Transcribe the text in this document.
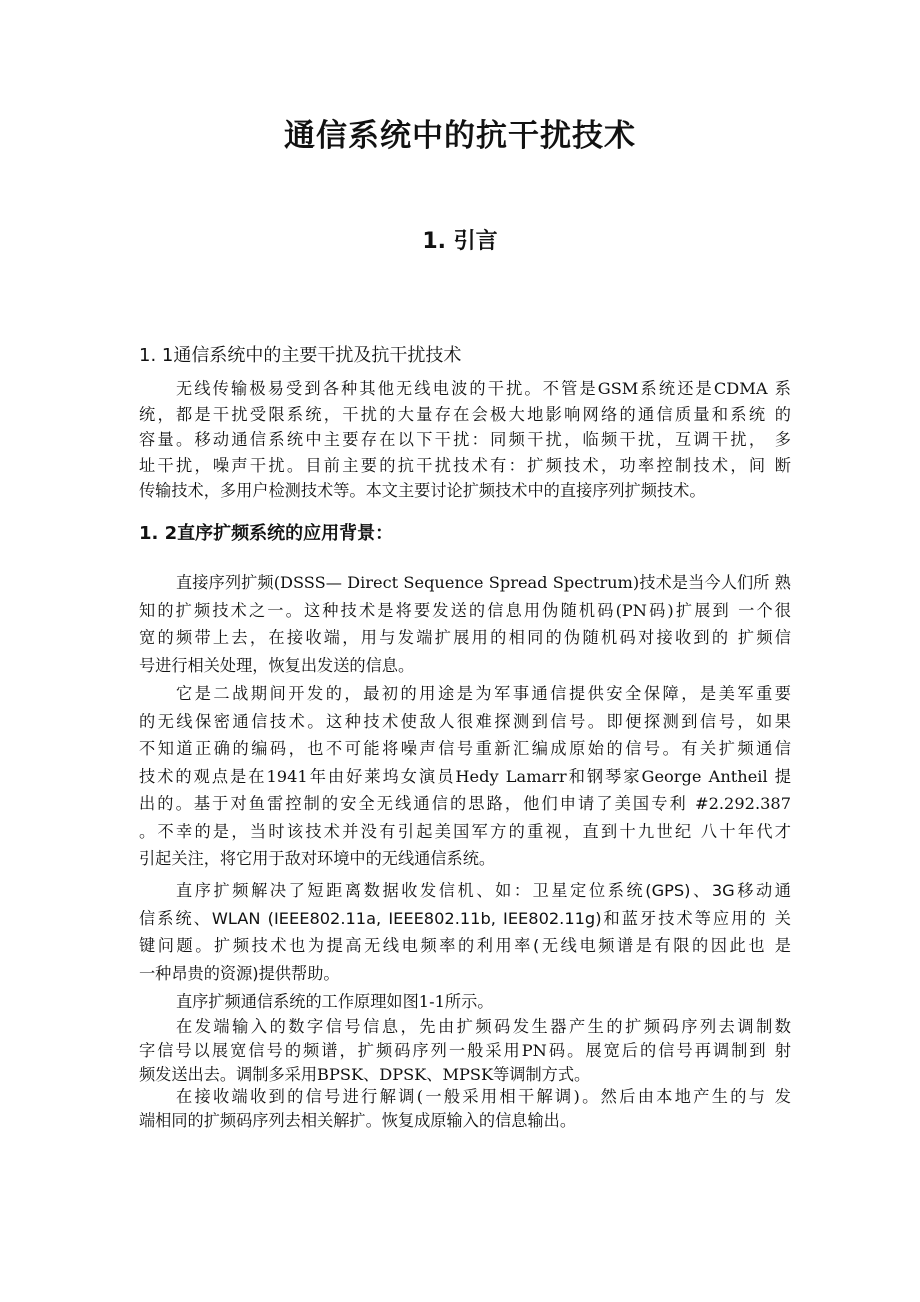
通信系统中的抗干扰技术
1. 引言
1. 1通信系统中的主要干扰及抗干扰技术
无线传输极易受到各种其他无线电波的干扰。不管是GSM系统还是CDMA 系
统，都是干扰受限系统，干扰的大量存在会极大地影响网络的通信质量和系统 的
容量。移动通信系统中主要存在以下干扰：同频干扰，临频干扰，互调干扰， 多
址干扰，噪声干扰。目前主要的抗干扰技术有：扩频技术，功率控制技术，间 断
传输技术，多用户检测技术等。本文主要讨论扩频技术中的直接序列扩频技术。
1. 2直序扩频系统的应用背景：
直接序列扩频(DSSS— Direct Sequence Spread Spectrum)技术是当今人们所 熟
知的扩频技术之一。这种技术是将要发送的信息用伪随机码(PN码)扩展到 一个很
宽的频带上去，在接收端，用与发端扩展用的相同的伪随机码对接收到的 扩频信
号进行相关处理，恢复出发送的信息。
它是二战期间开发的，最初的用途是为军事通信提供安全保障，是美军重要
的无线保密通信技术。这种技术使敌人很难探测到信号。即便探测到信号，如果
不知道正确的编码，也不可能将噪声信号重新汇编成原始的信号。有关扩频通信
技术的观点是在1941年由好莱坞女演员Hedy Lamarr和钢琴家George Antheil 提
出的。基于对鱼雷控制的安全无线通信的思路，他们申请了美国专利 #2.292.387
。不幸的是，当时该技术并没有引起美国军方的重视，直到十九世纪 八十年代才
引起关注，将它用于敌对环境中的无线通信系统。
直序扩频解决了短距离数据收发信机、如：卫星定位系统(GPS)、3G移动通
信系统、WLAN (IEEE802.11a, IEEE802.11b, IEE802.11g)和蓝牙技术等应用的 关
键问题。扩频技术也为提高无线电频率的利用率(无线电频谱是有限的因此也 是
一种昂贵的资源)提供帮助。
直序扩频通信系统的工作原理如图1-1所示。
在发端输入的数字信号信息，先由扩频码发生器产生的扩频码序列去调制数
字信号以展宽信号的频谱，扩频码序列一般采用PN码。展宽后的信号再调制到 射
频发送出去。调制多采用BPSK、DPSK、MPSK等调制方式。
在接收端收到的信号进行解调(一般采用相干解调)。然后由本地产生的与 发
端相同的扩频码序列去相关解扩。恢复成原输入的信息输出。
